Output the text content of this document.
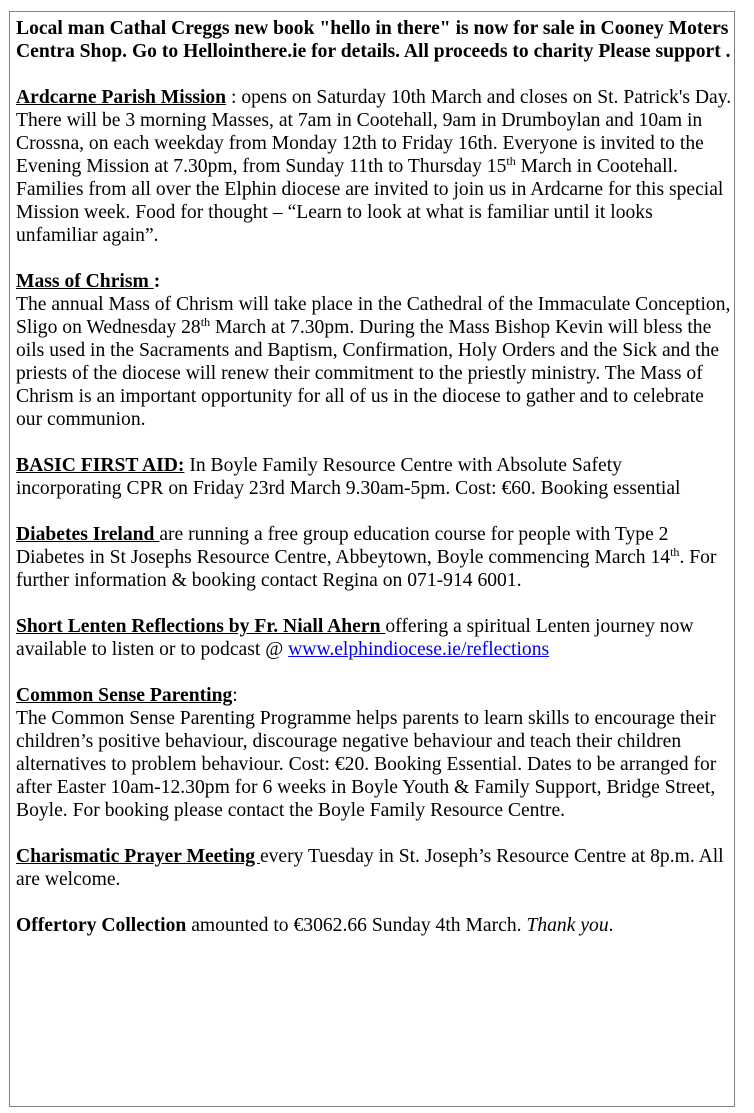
Local man Cathal Creggs new book "hello in there" is now for sale in Cooney Moters Centra Shop. Go to Hellointhere.ie for details. All proceeds to charity Please support .

Ardcarne Parish Mission : opens on Saturday 10th March and closes on St. Patrick's Day. There will be 3 morning Masses, at 7am in Cootehall, 9am in Drumboylan and 10am in Crossna, on each weekday from Monday 12th to Friday 16th. Everyone is invited to the Evening Mission at 7.30pm, from Sunday 11th to Thursday 15th March in Cootehall. Families from all over the Elphin diocese are invited to join us in Ardcarne for this special Mission week. Food for thought – “Learn to look at what is familiar until it looks unfamiliar again”.

Mass of Chrism :
The annual Mass of Chrism will take place in the Cathedral of the Immaculate Conception, Sligo on Wednesday 28th March at 7.30pm. During the Mass Bishop Kevin will bless the oils used in the Sacraments and Baptism, Confirmation, Holy Orders and the Sick and the priests of the diocese will renew their commitment to the priestly ministry. The Mass of Chrism is an important opportunity for all of us in the diocese to gather and to celebrate our communion.

BASIC FIRST AID: In Boyle Family Resource Centre with Absolute Safety incorporating CPR on Friday 23rd March 9.30am-5pm. Cost: €60. Booking essential

Diabetes Ireland are running a free group education course for people with Type 2 Diabetes in St Josephs Resource Centre, Abbeytown, Boyle commencing March 14th. For further information & booking contact Regina on 071-914 6001.

Short Lenten Reflections by Fr. Niall Ahern offering a spiritual Lenten journey now available to listen or to podcast @ www.elphindiocese.ie/reflections

Common Sense Parenting:
The Common Sense Parenting Programme helps parents to learn skills to encourage their children’s positive behaviour, discourage negative behaviour and teach their children alternatives to problem behaviour. Cost: €20. Booking Essential. Dates to be arranged for after Easter 10am-12.30pm for 6 weeks in Boyle Youth & Family Support, Bridge Street, Boyle. For booking please contact the Boyle Family Resource Centre.

Charismatic Prayer Meeting every Tuesday in St. Joseph’s Resource Centre at 8p.m. All are welcome.

Offertory Collection amounted to €3062.66 Sunday 4th March. Thank you.
